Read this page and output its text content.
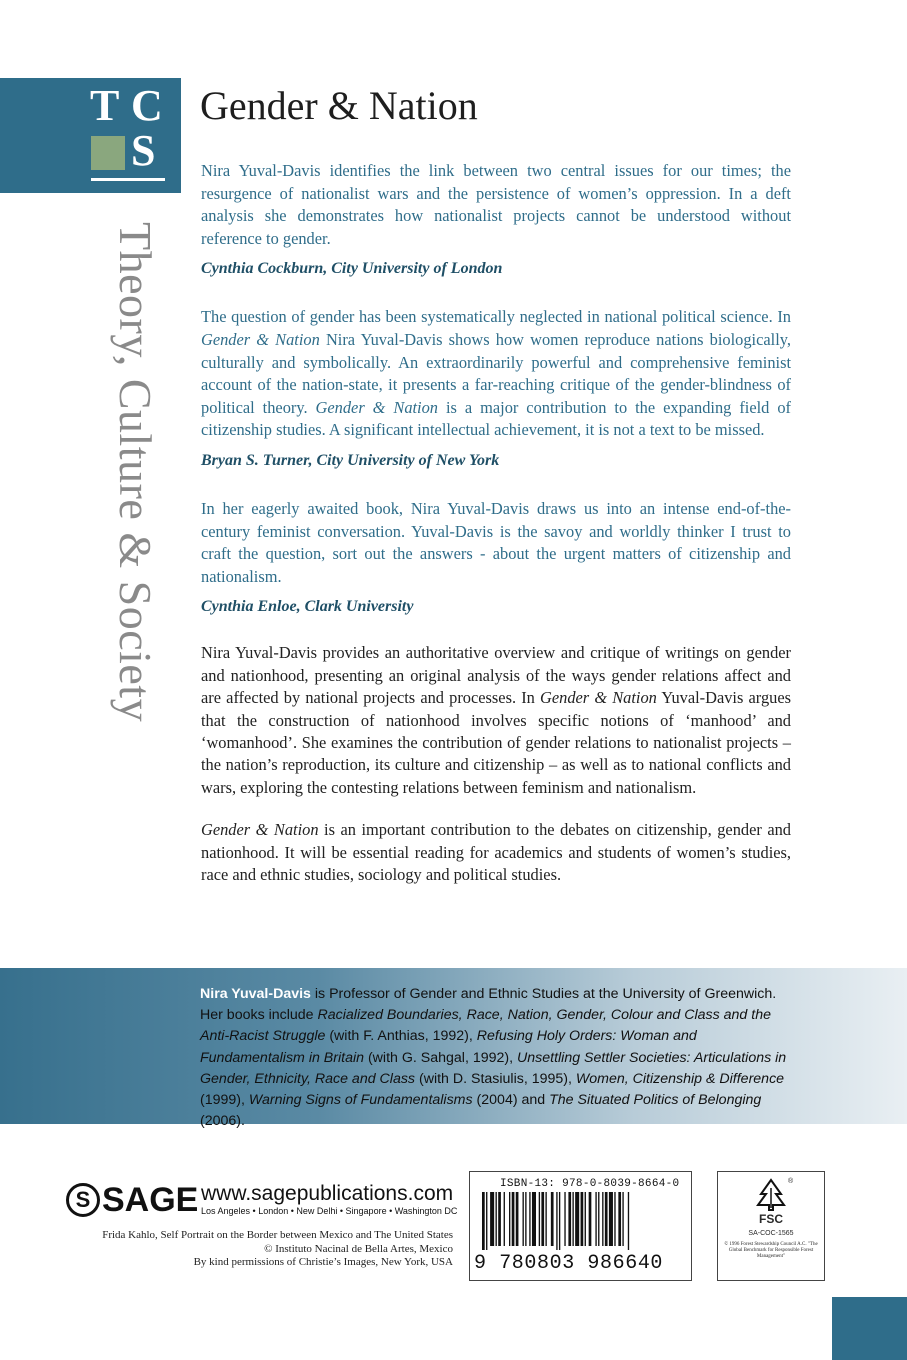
T C
S
Theory, Culture & Society
Gender & Nation

Nira Yuval-Davis identifies the link between two central issues for our times; the resurgence of nationalist wars and the persistence of women’s oppression. In a deft analysis she demonstrates how nationalist projects cannot be understood without reference to gender.

Cynthia Cockburn, City University of London

The question of gender has been systematically neglected in national political science. In Gender & Nation Nira Yuval-Davis shows how women reproduce nations biologically, culturally and symbolically. An extraordinarily powerful and comprehensive feminist account of the nation-state, it presents a far-reaching critique of the gender-blindness of political theory. Gender & Nation is a major contribution to the expanding field of citizenship studies. A significant intellectual achievement, it is not a text to be missed.

Bryan S. Turner, City University of New York

In her eagerly awaited book, Nira Yuval-Davis draws us into an intense end-of-the-century feminist conversation. Yuval-Davis is the savoy and worldly thinker I trust to craft the question, sort out the answers - about the urgent matters of citizenship and nationalism.

Cynthia Enloe, Clark University

Nira Yuval-Davis provides an authoritative overview and critique of writings on gender and nationhood, presenting an original analysis of the ways gender relations affect and are affected by national projects and processes. In Gender & Nation Yuval-Davis argues that the construction of nationhood involves specific notions of ‘manhood’ and ‘womanhood’. She examines the contribution of gender relations to nationalist projects – the nation’s reproduction, its culture and citizenship – as well as to national conflicts and wars, exploring the contesting relations between feminism and nationalism.

Gender & Nation is an important contribution to the debates on citizenship, gender and nationhood. It will be essential reading for academics and students of women’s studies, race and ethnic studies, sociology and political studies.

Nira Yuval-Davis is Professor of Gender and Ethnic Studies at the University of Greenwich. Her books include Racialized Boundaries, Race, Nation, Gender, Colour and Class and the Anti-Racist Struggle (with F. Anthias, 1992), Refusing Holy Orders: Woman and Fundamentalism in Britain (with G. Sahgal, 1992), Unsettling Settler Societies: Articulations in Gender, Ethnicity, Race and Class (with D. Stasiulis, 1995), Women, Citizenship & Difference (1999), Warning Signs of Fundamentalisms (2004) and The Situated Politics of Belonging (2006).

S SAGE www.sagepublications.com
Los Angeles • London • New Delhi • Singapore • Washington DC
Frida Kahlo, Self Portrait on the Border between Mexico and The United States
© Instituto Nacinal de Bella Artes, Mexico
By kind permissions of Christie’s Images, New York, USA
ISBN-13: 978-0-8039-8664-0
9 780803 986640
®
FSC
SA-COC-1565
© 1996 Forest Stewardship Council A.C. "The Global Benchmark for Responsible Forest Management"
